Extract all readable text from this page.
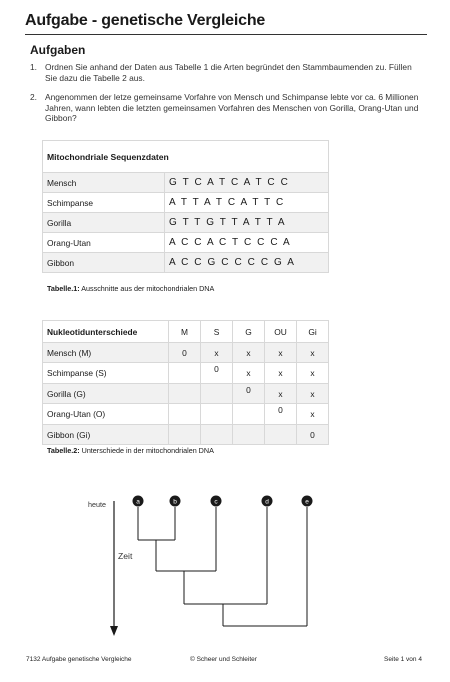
Aufgabe - genetische Vergleiche
Aufgaben
1. Ordnen Sie anhand der Daten aus Tabelle 1 die Arten begründet den Stammbaumenden zu. Füllen Sie dazu die Tabelle 2 aus.
2. Angenommen der letze gemeinsame Vorfahre von Mensch und Schimpanse lebte vor ca. 6 Millionen Jahren, wann lebten die letzten gemeinsamen Vorfahren des Menschen von Gorilla, Orang-Utan und Gibbon?
Mitochondriale Sequenzdaten	
Mensch	G T C A T C A T C C
Schimpanse	A T T A T C A T T C
Gorilla	G T T G T T A T T A
Orang-Utan	A C C A C T C C C A
Gibbon	A C C G C C C C G A
Tabelle.1: Ausschnitte aus der mitochondrialen DNA
Nukleotidunterschiede	M	S	G	OU	Gi
Mensch (M)	0	x	x	x	x
Schimpanse (S)		0	x	x	x
Gorilla (G)			0	x	x
Orang-Utan (O)				0	x
Gibbon (Gi)					0
Tabelle.2: Unterschiede in der mitochondrialen DNA
heute
Zeit
a	b	c	d	e
7132 Aufgabe genetische Vergleiche	© Scheer und Schleiter	Seite 1 von 4
